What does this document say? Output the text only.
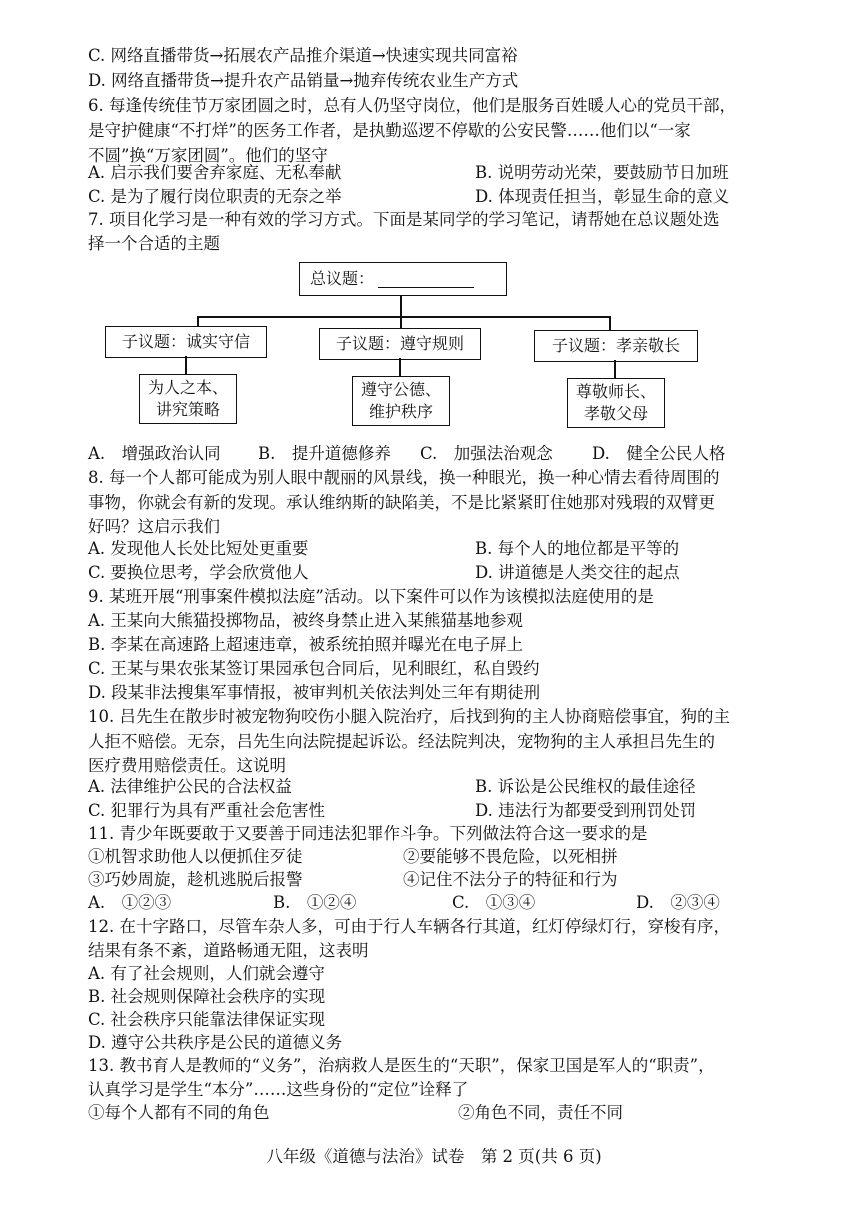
C. 网络直播带货→拓展农产品推介渠道→快速实现共同富裕
D. 网络直播带货→提升农产品销量→抛弃传统农业生产方式
6. 每逢传统佳节万家团圆之时，总有人仍坚守岗位，他们是服务百姓暖人心的党员干部，
是守护健康“不打烊”的医务工作者，是执勤巡逻不停歇的公安民警……他们以“一家
不圆”换“万家团圆”。他们的坚守
A. 启示我们要舍弃家庭、无私奉献	B. 说明劳动光荣，要鼓励节日加班
C. 是为了履行岗位职责的无奈之举	D. 体现责任担当，彰显生命的意义
7. 项目化学习是一种有效的学习方式。下面是某同学的学习笔记，请帮她在总议题处选
择一个合适的主题
总议题：
子议题：诚实守信	子议题：遵守规则	子议题：孝亲敬长
为人之本、
讲究策略
遵守公德、
维护秩序
尊敬师长、
孝敬父母
A.　增强政治认同 B.　提升道德修养 C.　加强法治观念 D.　健全公民人格
8. 每一个人都可能成为别人眼中靓丽的风景线，换一种眼光，换一种心情去看待周围的
事物，你就会有新的发现。承认维纳斯的缺陷美，不是比紧紧盯住她那对残瑕的双臂更
好吗？这启示我们
A. 发现他人长处比短处更重要	B. 每个人的地位都是平等的
C. 要换位思考，学会欣赏他人	D. 讲道德是人类交往的起点
9. 某班开展“刑事案件模拟法庭”活动。以下案件可以作为该模拟法庭使用的是
A. 王某向大熊猫投掷物品，被终身禁止进入某熊猫基地参观
B. 李某在高速路上超速违章，被系统拍照并曝光在电子屏上
C. 王某与果农张某签订果园承包合同后，见利眼红，私自毁约
D. 段某非法搜集军事情报，被审判机关依法判处三年有期徒刑
10. 吕先生在散步时被宠物狗咬伤小腿入院治疗，后找到狗的主人协商赔偿事宜，狗的主
人拒不赔偿。无奈，吕先生向法院提起诉讼。经法院判决，宠物狗的主人承担吕先生的
医疗费用赔偿责任。这说明
A. 法律维护公民的合法权益	B. 诉讼是公民维权的最佳途径
C. 犯罪行为具有严重社会危害性	D. 违法行为都要受到刑罚处罚
11. 青少年既要敢于又要善于同违法犯罪作斗争。下列做法符合这一要求的是
①机智求助他人以便抓住歹徒	②要能够不畏危险，以死相拼
③巧妙周旋，趁机逃脱后报警	④记住不法分子的特征和行为
A.　①②③	B.　①②④	C.　①③④	D.　②③④
12. 在十字路口，尽管车杂人多，可由于行人车辆各行其道，红灯停绿灯行，穿梭有序，
结果有条不紊，道路畅通无阻，这表明
A. 有了社会规则，人们就会遵守
B. 社会规则保障社会秩序的实现
C. 社会秩序只能靠法律保证实现
D. 遵守公共秩序是公民的道德义务
13. 教书育人是教师的“义务”，治病救人是医生的“天职”，保家卫国是军人的“职责”，
认真学习是学生“本分”……这些身份的“定位”诠释了
①每个人都有不同的角色	②角色不同，责任不同
八年级《道德与法治》试卷　第 2 页(共 6 页)
